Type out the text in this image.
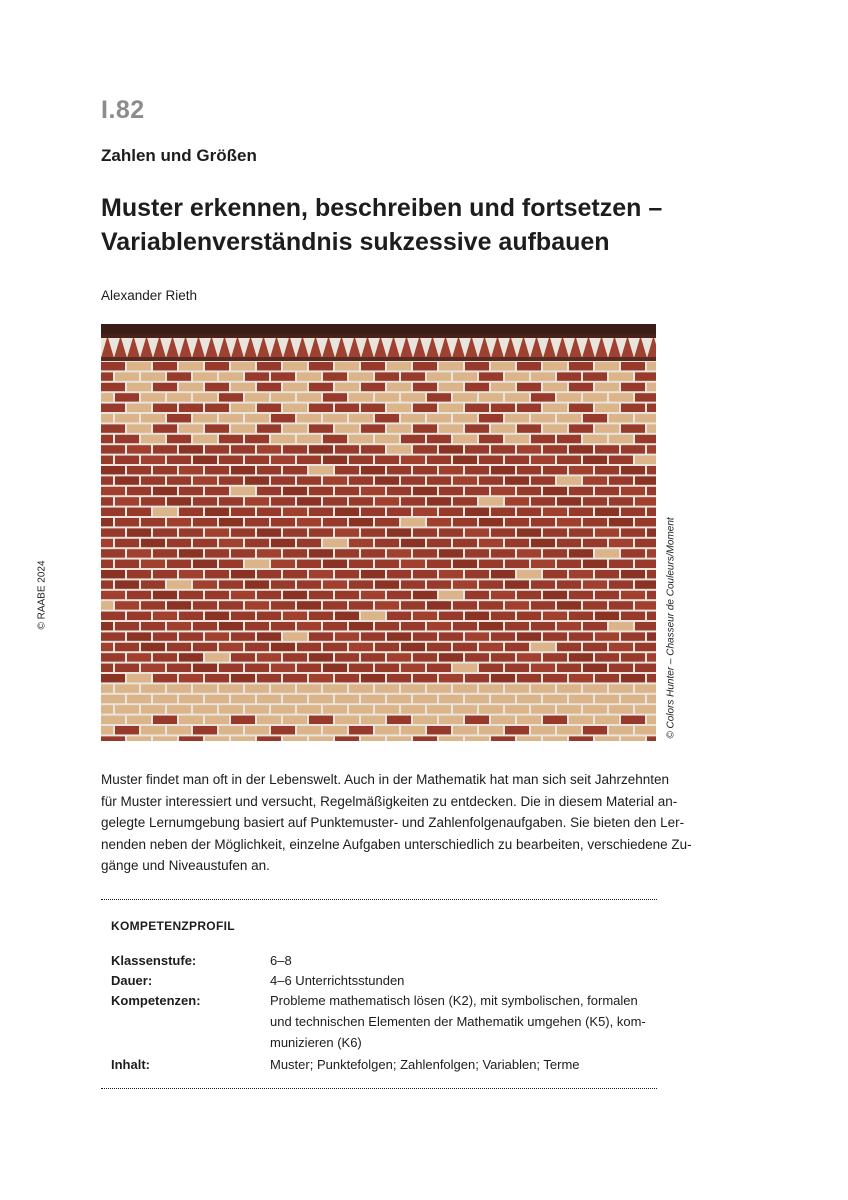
I.82
Zahlen und Größen
Muster erkennen, beschreiben und fortsetzen –
Variablenverständnis sukzessive aufbauen
Alexander Rieth
© RAABE 2024	© Colors Hunter – Chasseur de Couleurs/Moment

Muster findet man oft in der Lebenswelt. Auch in der Mathematik hat man sich seit Jahrzehnten
für Muster interessiert und versucht, Regelmäßigkeiten zu entdecken. Die in diesem Material an-
gelegte Lernumgebung basiert auf Punktemuster- und Zahlenfolgenaufgaben. Sie bieten den Ler-
nenden neben der Möglichkeit, einzelne Aufgaben unterschiedlich zu bearbeiten, verschiedene Zu-
gänge und Niveaustufen an.

KOMPETENZPROFIL
Klassenstufe:	6–8
Dauer:	4–6 Unterrichtsstunden
Kompetenzen:	Probleme mathematisch lösen (K2), mit symbolischen, formalen
und technischen Elementen der Mathematik umgehen (K5), kom-
munizieren (K6)
Inhalt:	Muster; Punktefolgen; Zahlenfolgen; Variablen; Terme
